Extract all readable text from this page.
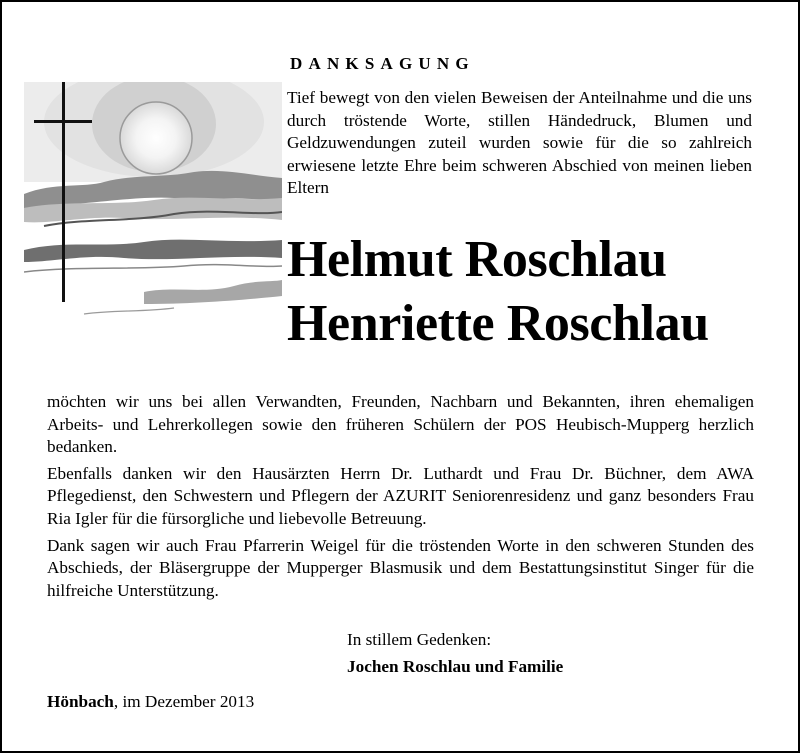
DANKSAGUNG

Tief bewegt von den vielen Beweisen der Anteilnahme und die uns durch tröstende Worte, stillen Händedruck, Blumen und Geldzuwendungen zuteil wurden sowie für die so zahlreich erwiesene letzte Ehre beim schweren Abschied von meinen lieben Eltern

Helmut Roschlau
Henriette Roschlau

möchten wir uns bei allen Verwandten, Freunden, Nachbarn und Bekannten, ihren ehemaligen Arbeits- und Lehrerkollegen sowie den früheren Schülern der POS Heubisch-Mupperg herzlich bedanken.

Ebenfalls danken wir den Hausärzten Herrn Dr. Luthardt und Frau Dr. Büchner, dem AWA Pflegedienst, den Schwestern und Pflegern der AZURIT Seniorenresidenz und ganz besonders Frau Ria Igler für die fürsorgliche und liebevolle Betreuung.

Dank sagen wir auch Frau Pfarrerin Weigel für die tröstenden Worte in den schweren Stunden des Abschieds, der Bläsergruppe der Mupperger Blasmusik und dem Bestattungsinstitut Singer für die hilfreiche Unterstützung.

In stillem Gedenken:
Jochen Roschlau und Familie
Hönbach, im Dezember 2013
